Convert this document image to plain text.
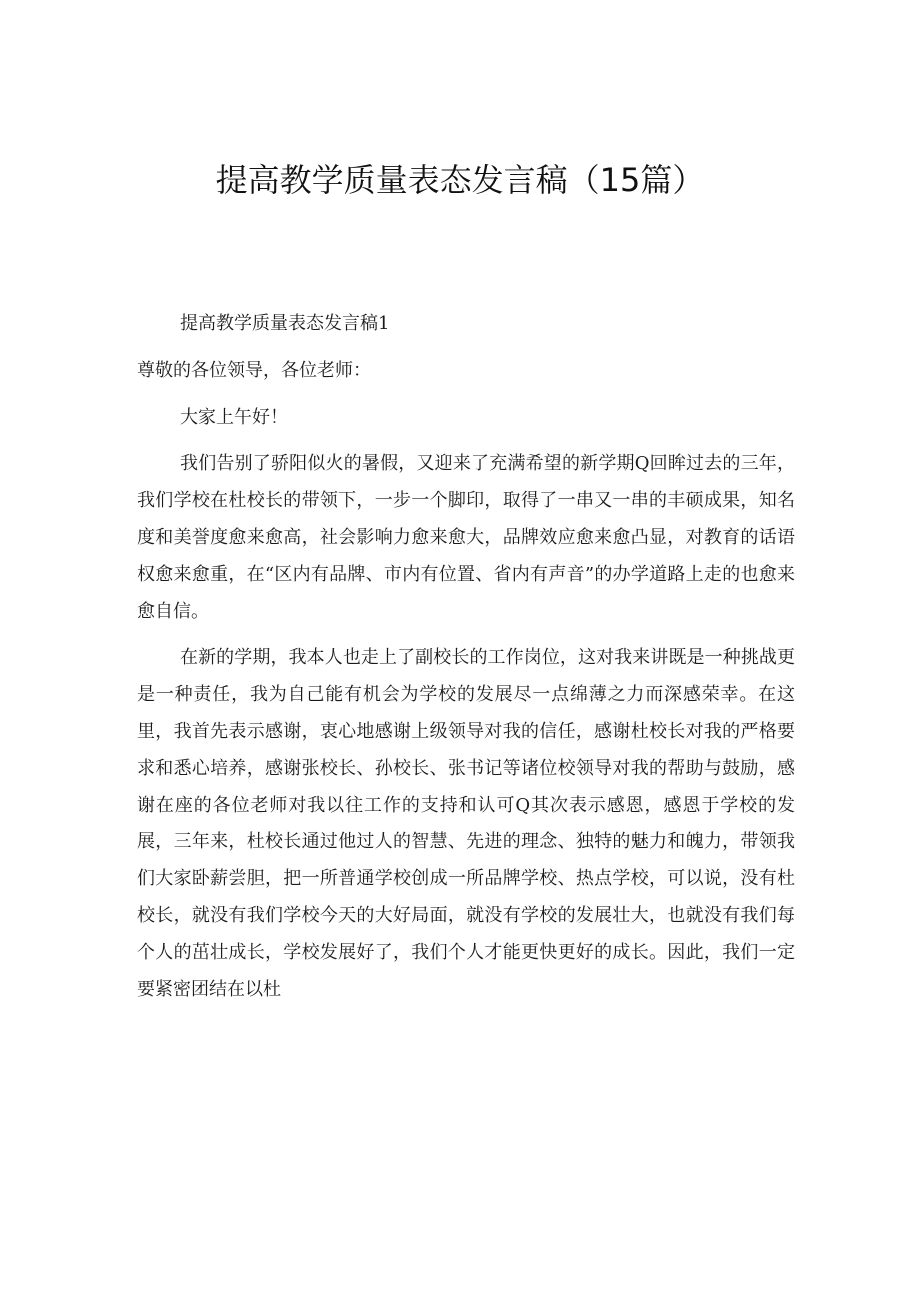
提高教学质量表态发言稿（15篇）

提高教学质量表态发言稿1

尊敬的各位领导，各位老师：

大家上午好！

我们告别了骄阳似火的暑假，又迎来了充满希望的新学期Q回眸过去的三年，我们学校在杜校长的带领下，一步一个脚印，取得了一串又一串的丰硕成果，知名度和美誉度愈来愈高，社会影响力愈来愈大，品牌效应愈来愈凸显，对教育的话语权愈来愈重，在“区内有品牌、市内有位置、省内有声音”的办学道路上走的也愈来愈自信。

在新的学期，我本人也走上了副校长的工作岗位，这对我来讲既是一种挑战更是一种责任，我为自己能有机会为学校的发展尽一点绵薄之力而深感荣幸。在这里，我首先表示感谢，衷心地感谢上级领导对我的信任，感谢杜校长对我的严格要求和悉心培养，感谢张校长、孙校长、张书记等诸位校领导对我的帮助与鼓励，感谢在座的各位老师对我以往工作的支持和认可Q其次表示感恩，感恩于学校的发展，三年来，杜校长通过他过人的智慧、先进的理念、独特的魅力和魄力，带领我们大家卧薪尝胆，把一所普通学校创成一所品牌学校、热点学校，可以说，没有杜校长，就没有我们学校今天的大好局面，就没有学校的发展壮大，也就没有我们每个人的茁壮成长，学校发展好了，我们个人才能更快更好的成长。因此，我们一定要紧密团结在以杜
